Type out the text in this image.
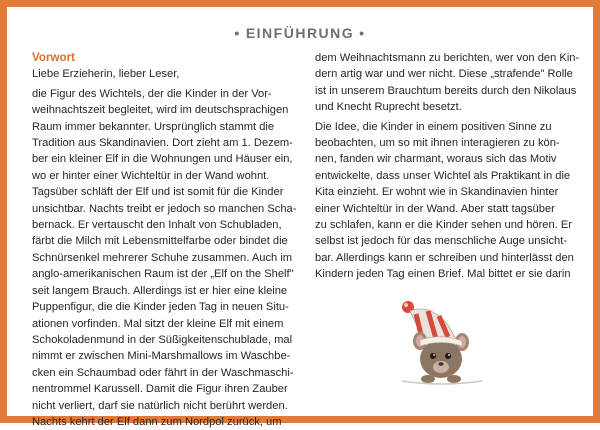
• EINFÜHRUNG •
Vorwort
Liebe Erzieherin, lieber Leser,
die Figur des Wichtels, der die Kinder in der Vor-
weihnachtszeit begleitet, wird im deutschsprachigen
Raum immer bekannter. Ursprünglich stammt die
Tradition aus Skandinavien. Dort zieht am 1. Dezem-
ber ein kleiner Elf in die Wohnungen und Häuser ein,
wo er hinter einer Wichteltür in der Wand wohnt.
Tagsüber schläft der Elf und ist somit für die Kinder
unsichtbar. Nachts treibt er jedoch so manchen Scha-
bernack. Er vertauscht den Inhalt von Schubladen,
färbt die Milch mit Lebensmittelfarbe oder bindet die
Schnürsenkel mehrerer Schuhe zusammen. Auch im
anglo-amerikanischen Raum ist der „Elf on the Shelf"
seit langem Brauch. Allerdings ist er hier eine kleine
Puppenfigur, die die Kinder jeden Tag in neuen Situ-
ationen vorfinden. Mal sitzt der kleine Elf mit einem
Schokoladenmund in der Süßigkeitenschublade, mal
nimmt er zwischen Mini-Marshmallows im Waschbe-
cken ein Schaumbad oder fährt in der Waschmaschi-
nentrommel Karussell. Damit die Figur ihren Zauber
nicht verliert, darf sie natürlich nicht berührt werden.
Nachts kehrt der Elf dann zum Nordpol zurück, um
dem Weihnachtsmann zu berichten, wer von den Kin-
dern artig war und wer nicht. Diese „strafende" Rolle
ist in unserem Brauchtum bereits durch den Nikolaus
und Knecht Ruprecht besetzt.
Die Idee, die Kinder in einem positiven Sinne zu
beobachten, um so mit ihnen interagieren zu kön-
nen, fanden wir charmant, woraus sich das Motiv
entwickelte, dass unser Wichtel als Praktikant in die
Kita einzieht. Er wohnt wie in Skandinavien hinter
einer Wichteltür in der Wand. Aber statt tagsüber
zu schlafen, kann er die Kinder sehen und hören. Er
selbst ist jedoch für das menschliche Auge unsicht-
bar. Allerdings kann er schreiben und hinterlässt den
Kindern jeden Tag einen Brief. Mal bittet er sie darin
